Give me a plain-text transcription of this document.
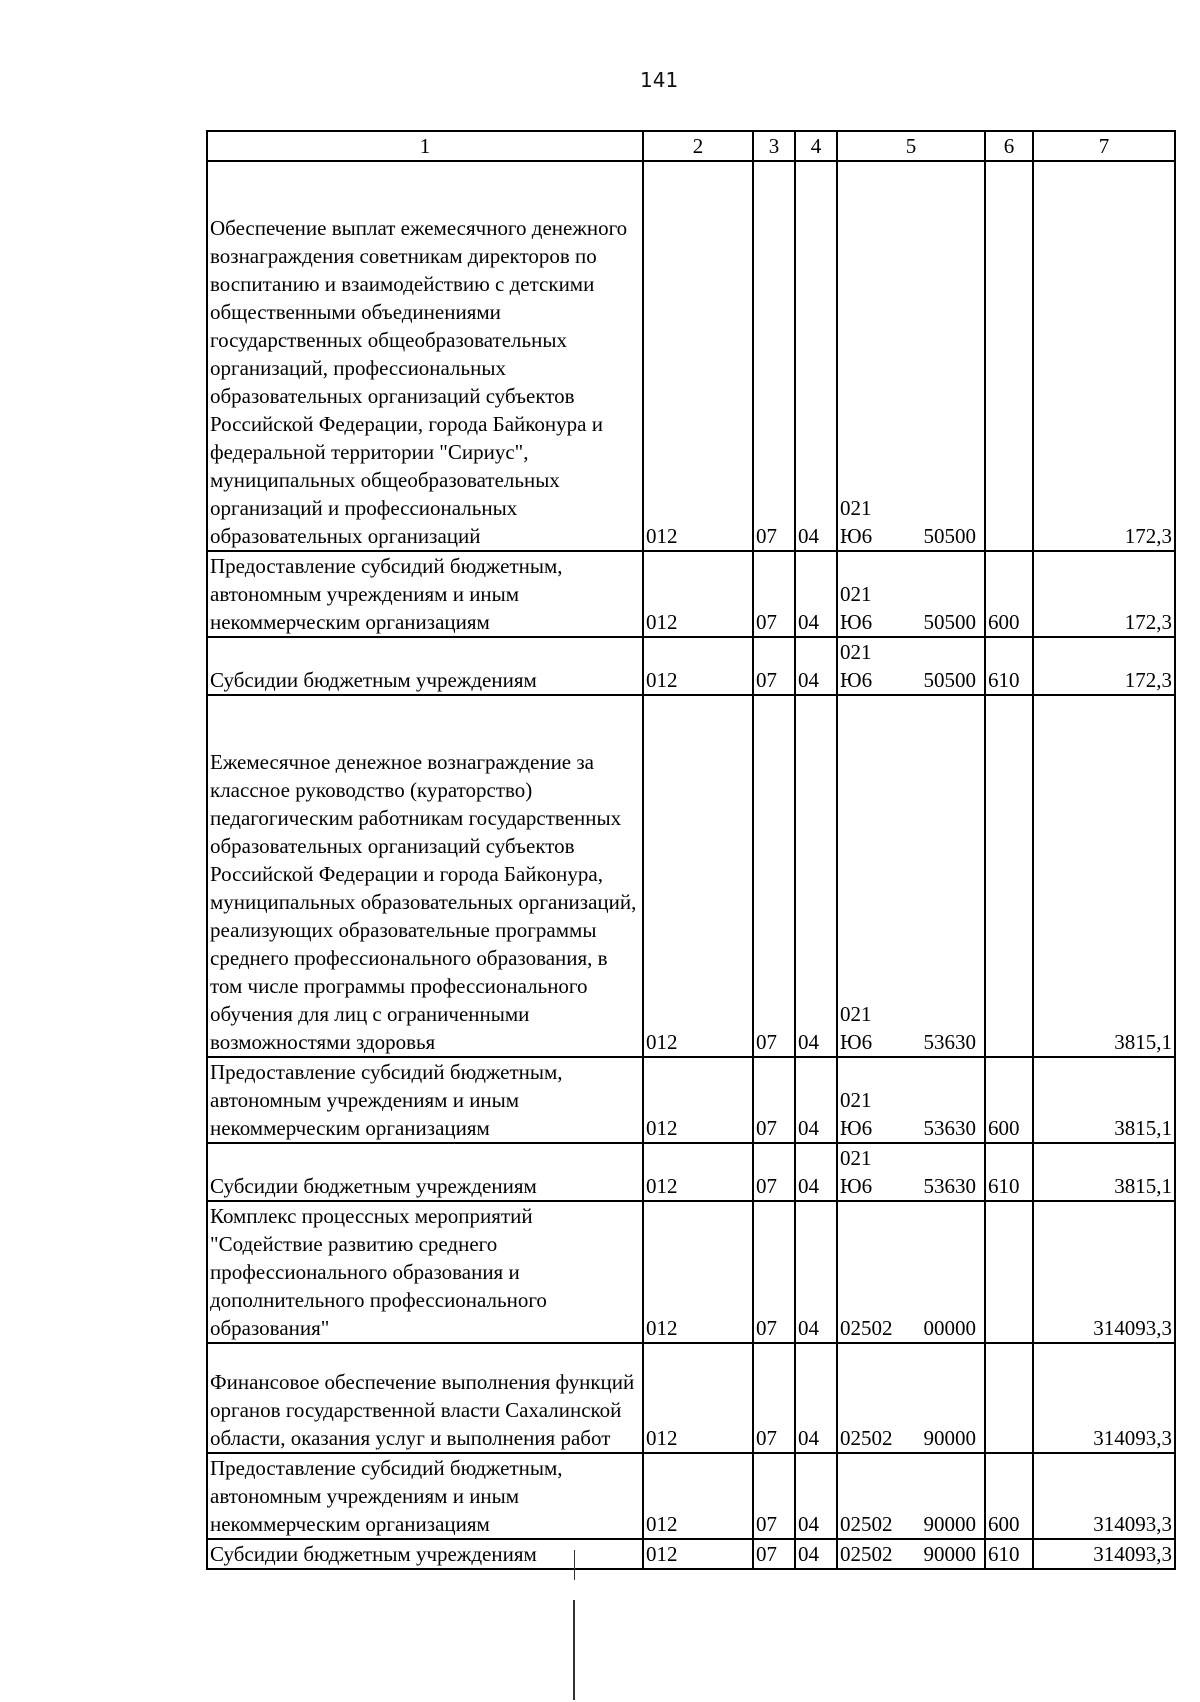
141
1	2	3	4	5	6	7
Обеспечение выплат ежемесячного денежного вознаграждения советникам директоров по воспитанию и взаимодействию с детскими общественными объединениями государственных общеобразовательных организаций, профессиональных образовательных организаций субъектов Российской Федерации, города Байконура и федеральной территории "Сириус", муниципальных общеобразовательных организаций и профессиональных образовательных организаций	012	07	04	021Ю6 50500		172,3
Предоставление субсидий бюджетным, автономным учреждениям и иным некоммерческим организациям	012	07	04	021Ю6 50500	600	172,3
Субсидии бюджетным учреждениям	012	07	04	021Ю6 50500	610	172,3
Ежемесячное денежное вознаграждение за классное руководство (кураторство) педагогическим работникам государственных образовательных организаций субъектов Российской Федерации и города Байконура, муниципальных образовательных организаций, реализующих образовательные программы среднего профессионального образования, в том числе программы профессионального обучения для лиц с ограниченными возможностями здоровья	012	07	04	021Ю6 53630		3815,1
Предоставление субсидий бюджетным, автономным учреждениям и иным некоммерческим организациям	012	07	04	021Ю6 53630	600	3815,1
Субсидии бюджетным учреждениям	012	07	04	021Ю6 53630	610	3815,1
Комплекс процессных мероприятий "Содействие развитию среднего профессионального образования и дополнительного профессионального образования"	012	07	04	02502 00000		314093,3
Финансовое обеспечение выполнения функций органов государственной власти Сахалинской области, оказания услуг и выполнения работ	012	07	04	02502 90000		314093,3
Предоставление субсидий бюджетным, автономным учреждениям и иным некоммерческим организациям	012	07	04	02502 90000	600	314093,3
Субсидии бюджетным учреждениям	012	07	04	02502 90000	610	314093,3
